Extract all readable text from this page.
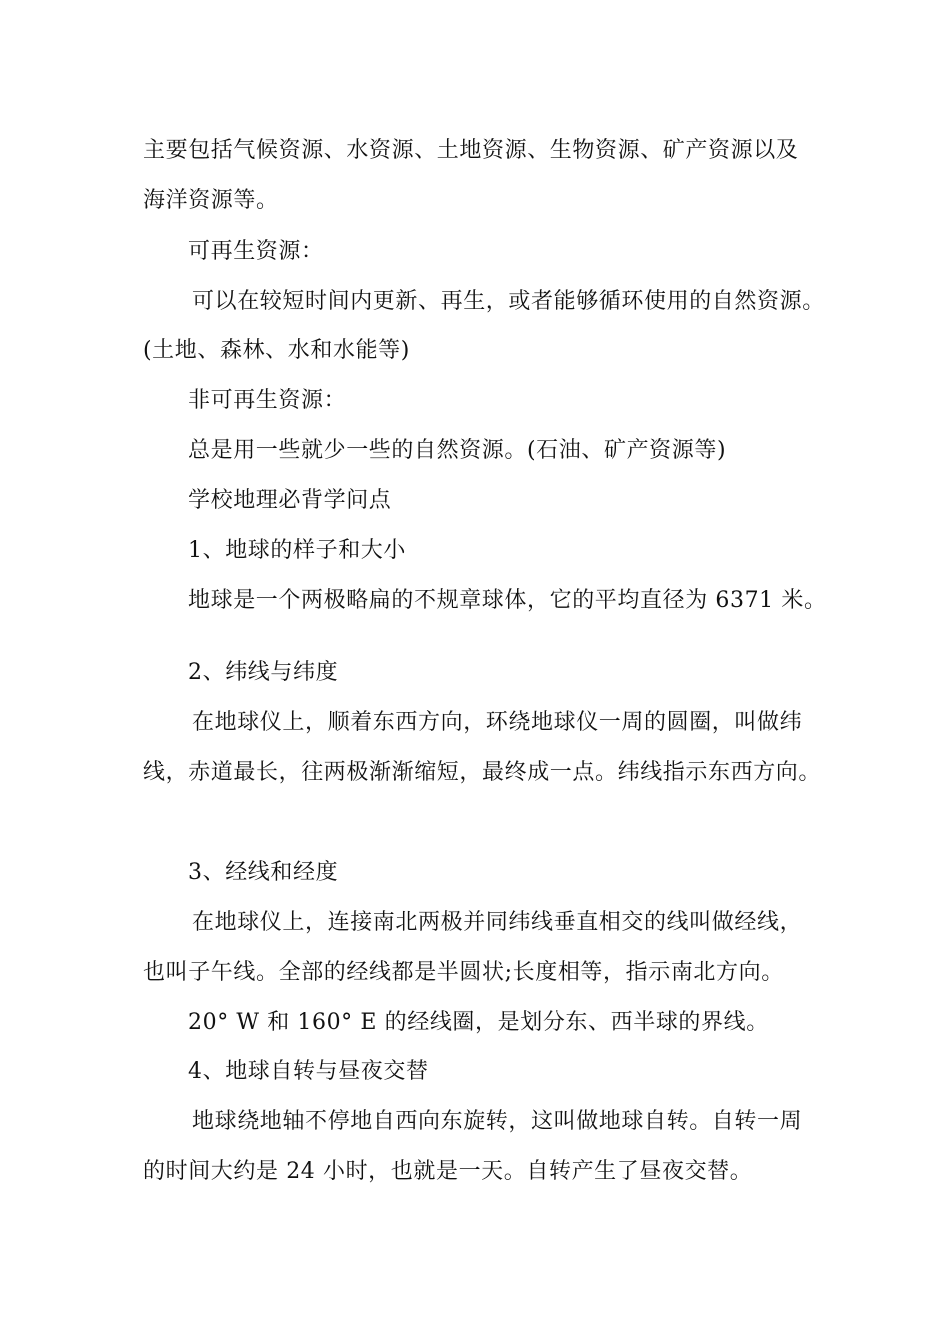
主要包括气候资源、水资源、土地资源、生物资源、矿产资源以及
海洋资源等。
可再生资源：
可以在较短时间内更新、再生，或者能够循环使用的自然资源。
(土地、森林、水和水能等)
非可再生资源：
总是用一些就少一些的自然资源。(石油、矿产资源等)
学校地理必背学问点
1、地球的样子和大小
地球是一个两极略扁的不规章球体，它的平均直径为 6371 米。
2、纬线与纬度
在地球仪上，顺着东西方向，环绕地球仪一周的圆圈，叫做纬
线，赤道最长，往两极渐渐缩短，最终成一点。纬线指示东西方向。
3、经线和经度
在地球仪上，连接南北两极并同纬线垂直相交的线叫做经线，
也叫子午线。全部的经线都是半圆状;长度相等，指示南北方向。
20° W 和 160° E 的经线圈，是划分东、西半球的界线。
4、地球自转与昼夜交替
地球绕地轴不停地自西向东旋转，这叫做地球自转。自转一周
的时间大约是 24 小时，也就是一天。自转产生了昼夜交替。
